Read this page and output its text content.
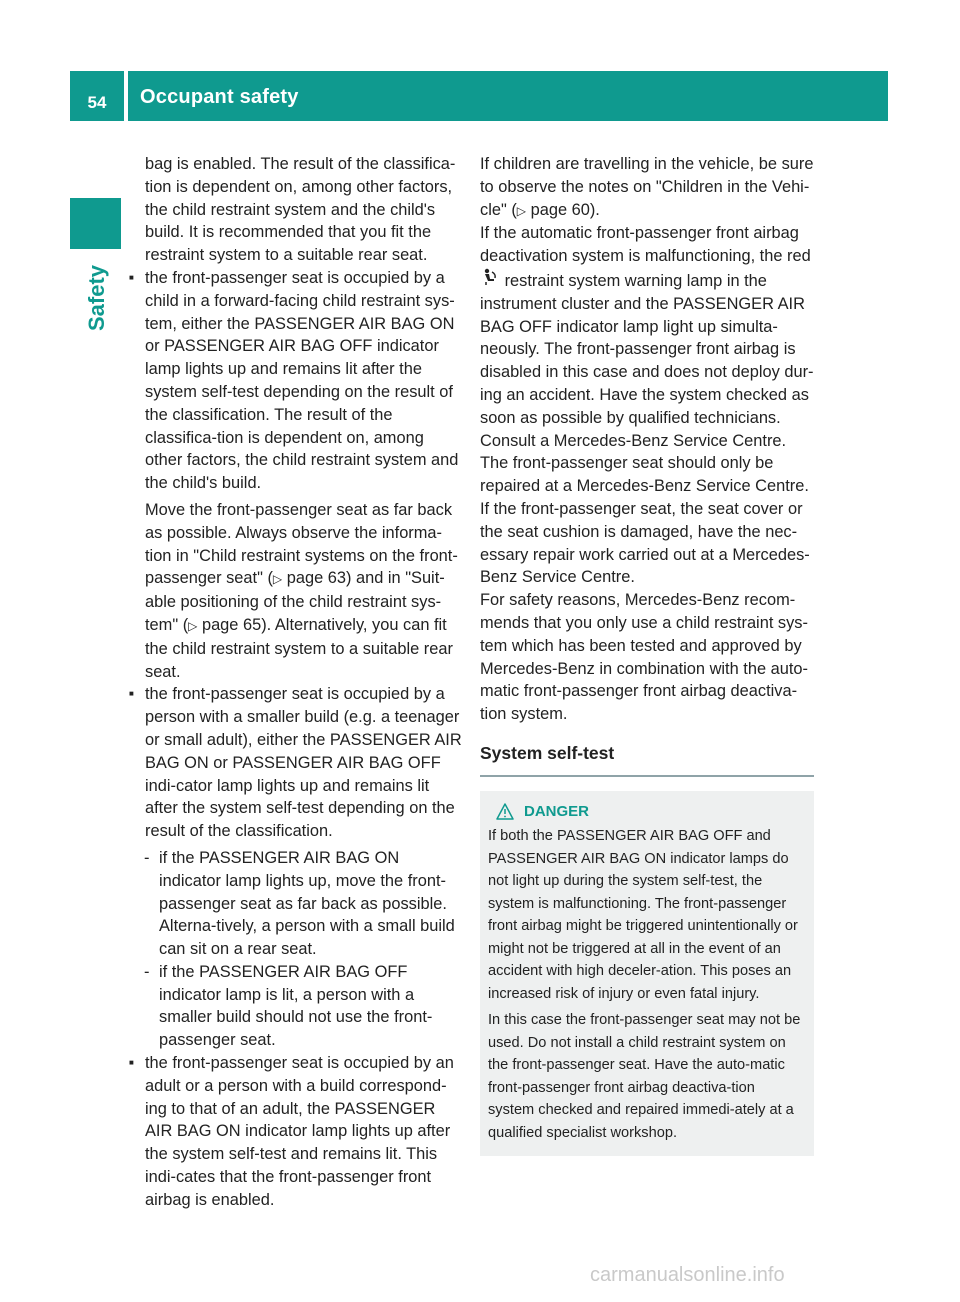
54	Occupant safety
Safety

bag is enabled. The result of the classifica-tion is dependent on, among other factors, the child restraint system and the child's build. It is recommended that you fit the restraint system to a suitable rear seat.

■ the front-passenger seat is occupied by a child in a forward-facing child restraint sys-tem, either the PASSENGER AIR BAG ON or PASSENGER AIR BAG OFF indicator lamp lights up and remains lit after the system self-test depending on the result of the classification. The result of the classifica-tion is dependent on, among other factors, the child restraint system and the child's build.

Move the front-passenger seat as far back as possible. Always observe the informa-tion in "Child restraint systems on the front-passenger seat" (▷ page 63) and in "Suit-able positioning of the child restraint sys-tem" (▷ page 65). Alternatively, you can fit the child restraint system to a suitable rear seat.

■ the front-passenger seat is occupied by a person with a smaller build (e.g. a teenager or small adult), either the PASSENGER AIR BAG ON or PASSENGER AIR BAG OFF indi-cator lamp lights up and remains lit after the system self-test depending on the result of the classification.
- if the PASSENGER AIR BAG ON indicator lamp lights up, move the front-passenger seat as far back as possible. Alterna-tively, a person with a small build can sit on a rear seat.
- if the PASSENGER AIR BAG OFF indicator lamp is lit, a person with a smaller build should not use the front-passenger seat.
■ the front-passenger seat is occupied by an adult or a person with a build correspond-ing to that of an adult, the PASSENGER AIR BAG ON indicator lamp lights up after the system self-test and remains lit. This indi-cates that the front-passenger front airbag is enabled.

If children are travelling in the vehicle, be sure to observe the notes on "Children in the Vehi-cle" (▷ page 60).

If the automatic front-passenger front airbag deactivation system is malfunctioning, the red  restraint system warning lamp in the instrument cluster and the PASSENGER AIR BAG OFF indicator lamp light up simulta-neously. The front-passenger front airbag is disabled in this case and does not deploy dur-ing an accident. Have the system checked as soon as possible by qualified technicians.

Consult a Mercedes-Benz Service Centre. The front-passenger seat should only be repaired at a Mercedes-Benz Service Centre.

If the front-passenger seat, the seat cover or the seat cushion is damaged, have the nec-essary repair work carried out at a Mercedes-Benz Service Centre.

For safety reasons, Mercedes-Benz recom-mends that you only use a child restraint sys-tem which has been tested and approved by Mercedes-Benz in combination with the auto-matic front-passenger front airbag deactiva-tion system.

System self-test
DANGER

If both the PASSENGER AIR BAG OFF and PASSENGER AIR BAG ON indicator lamps do not light up during the system self-test, the system is malfunctioning. The front-passenger front airbag might be triggered unintentionally or might not be triggered at all in the event of an accident with high deceler-ation. This poses an increased risk of injury or even fatal injury.

In this case the front-passenger seat may not be used. Do not install a child restraint system on the front-passenger seat. Have the auto-matic front-passenger front airbag deactiva-tion system checked and repaired immedi-ately at a qualified specialist workshop.

carmanualsonline.info
